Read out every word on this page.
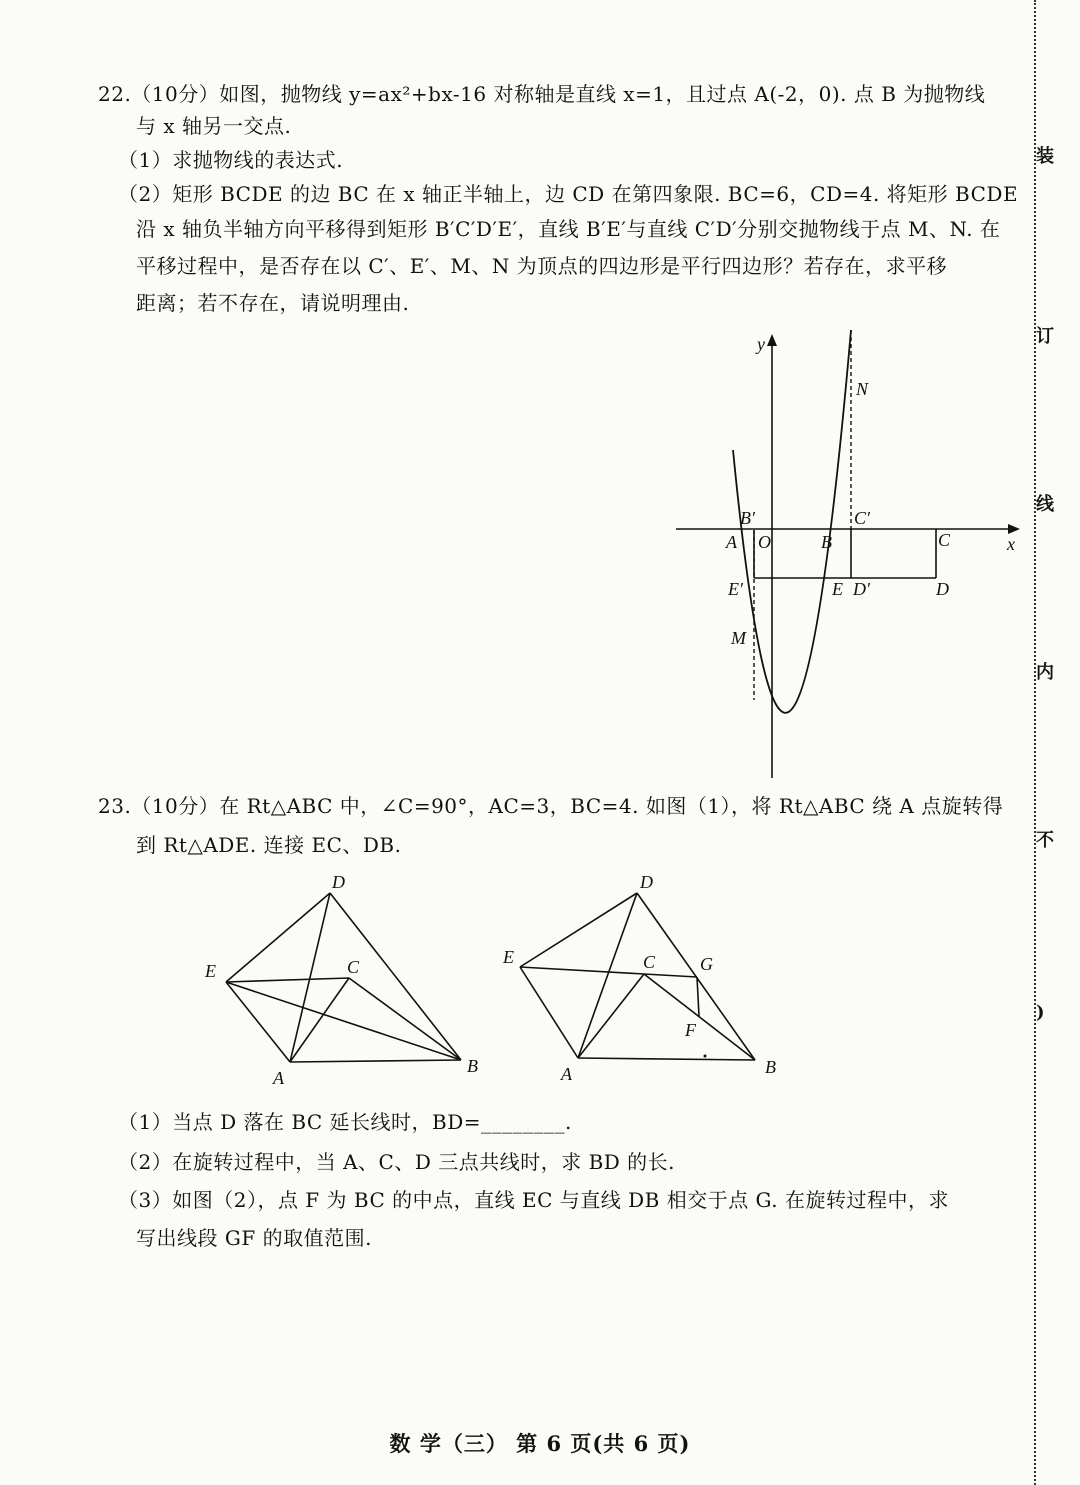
装
订
线
内
不
)
22.（10分）如图，抛物线 y=ax²+bx-16 对称轴是直线 x=1，且过点 A(-2，0). 点 B 为抛物线
与 x 轴另一交点.
（1）求抛物线的表达式.
（2）矩形 BCDE 的边 BC 在 x 轴正半轴上，边 CD 在第四象限. BC=6，CD=4. 将矩形 BCDE
沿 x 轴负半轴方向平移得到矩形 B′C′D′E′，直线 B′E′与直线 C′D′分别交抛物线于点 M、N. 在
平移过程中，是否存在以 C′、E′、M、N 为顶点的四边形是平行四边形？若存在，求平移
距离；若不存在，请说明理由.
y
x
N
B′	C′
A O	B	C
E′	E D′	D
M
23.（10分）在 Rt△ABC 中，∠C=90°，AC=3，BC=4. 如图（1），将 Rt△ABC 绕 A 点旋转得
到 Rt△ADE. 连接 EC、DB.
D
E	C
A
B
D
E	C G
F
A	B
（1）当点 D 落在 BC 延长线时，BD=________.
（2）在旋转过程中，当 A、C、D 三点共线时，求 BD 的长.
（3）如图（2），点 F 为 BC 的中点，直线 EC 与直线 DB 相交于点 G. 在旋转过程中，求
写出线段 GF 的取值范围.
数 学（三） 第 6 页(共 6 页)
